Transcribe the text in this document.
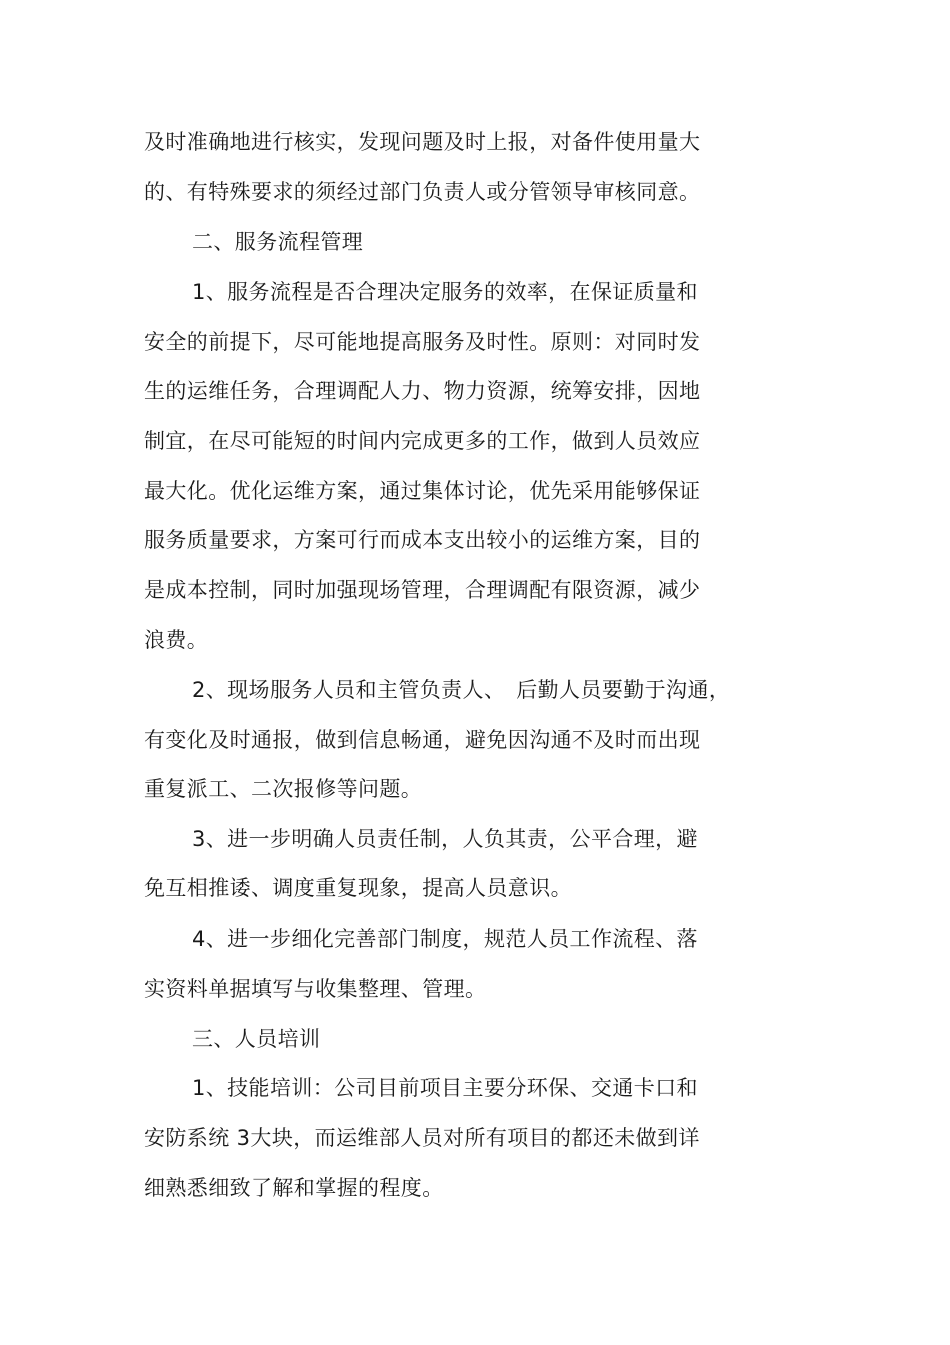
及时准确地进行核实，发现问题及时上报，对备件使用量大
的、有特殊要求的须经过部门负责人或分管领导审核同意。
二、服务流程管理
1、服务流程是否合理决定服务的效率，在保证质量和
安全的前提下，尽可能地提高服务及时性。原则：对同时发
生的运维任务，合理调配人力、物力资源，统筹安排，因地
制宜，在尽可能短的时间内完成更多的工作，做到人员效应
最大化。优化运维方案，通过集体讨论，优先采用能够保证
服务质量要求，方案可行而成本支出较小的运维方案，目的
是成本控制，同时加强现场管理，合理调配有限资源，减少
浪费。
2、现场服务人员和主管负责人、　后勤人员要勤于沟通，
有变化及时通报，做到信息畅通，避免因沟通不及时而出现
重复派工、二次报修等问题。
3、进一步明确人员责任制，人负其责，公平合理，避
免互相推诿、调度重复现象，提高人员意识。
4、进一步细化完善部门制度，规范人员工作流程、落
实资料单据填写与收集整理、管理。
三、人员培训
1、技能培训：公司目前项目主要分环保、交通卡口和
安防系统 3大块，而运维部人员对所有项目的都还未做到详
细熟悉细致了解和掌握的程度。
